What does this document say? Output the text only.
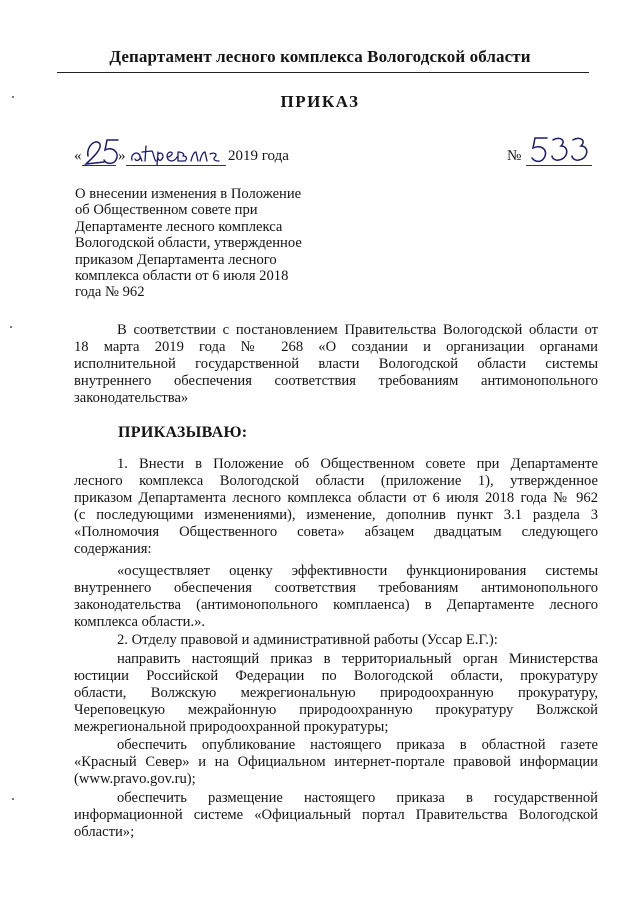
Департамент лесного комплекса Вологодской области
ПРИКАЗ
« »	2019 года	№
О внесении изменения в Положение
об Общественном совете при
Департаменте лесного комплекса
Вологодской области, утвержденное
приказом Департамента лесного
комплекса области от 6 июля 2018
года № 962
В соответствии с постановлением Правительства Вологодской области от
18 марта 2019 года № 268 «О создании и организации органами
исполнительной государственной власти Вологодской области системы
внутреннего обеспечения соответствия требованиям антимонопольного
законодательства»
ПРИКАЗЫВАЮ:
1. Внести в Положение об Общественном совете при Департаменте
лесного комплекса Вологодской области (приложение 1), утвержденное
приказом Департамента лесного комплекса области от 6 июля 2018 года № 962
(с последующими изменениями), изменение, дополнив пункт 3.1 раздела 3
«Полномочия Общественного совета» абзацем двадцатым следующего
содержания:
«осуществляет оценку эффективности функционирования системы
внутреннего обеспечения соответствия требованиям антимонопольного
законодательства (антимонопольного комплаенса) в Департаменте лесного
комплекса области.».
2. Отделу правовой и административной работы (Уссар Е.Г.):
направить настоящий приказ в территориальный орган Министерства
юстиции Российской Федерации по Вологодской области, прокуратуру
области, Волжскую межрегиональную природоохранную прокуратуру,
Череповецкую межрайонную природоохранную прокуратуру Волжской
межрегиональной природоохранной прокуратуры;
обеспечить опубликование настоящего приказа в областной газете
«Красный Север» и на Официальном интернет-портале правовой информации
(www.pravo.gov.ru);
обеспечить размещение настоящего приказа в государственной
информационной системе «Официальный портал Правительства Вологодской
области»;
